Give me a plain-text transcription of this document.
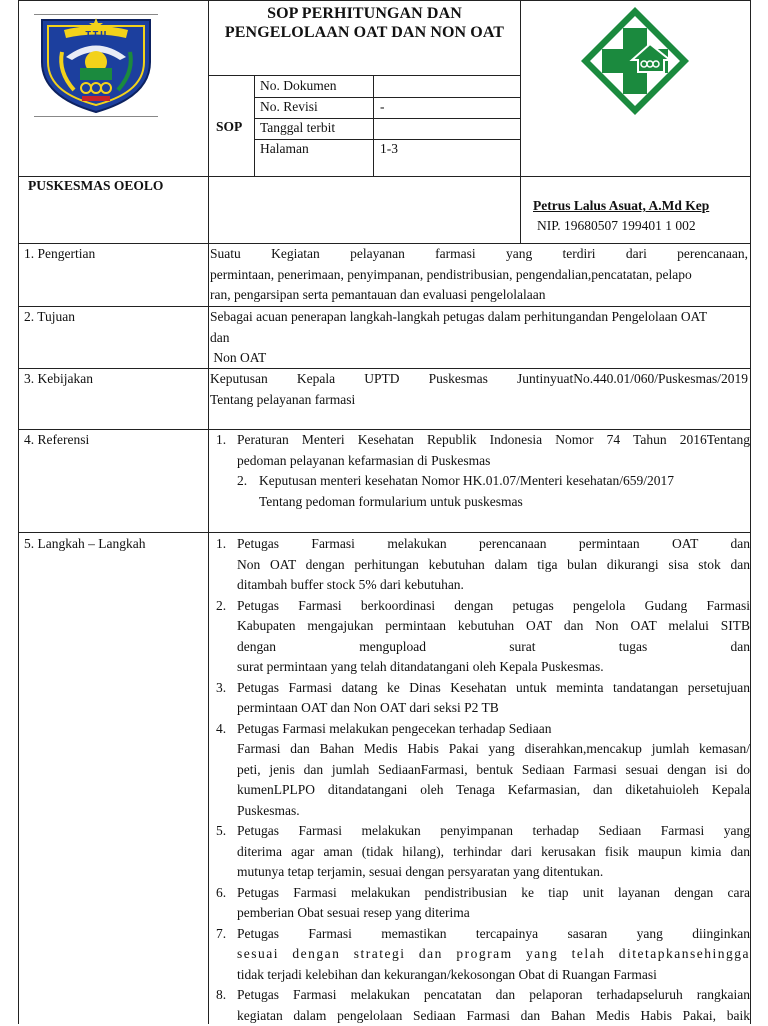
T.T.U
SOP PERHITUNGAN DAN
PENGELOLAAN OAT DAN NON OAT
SOP
No. Dokumen
No. Revisi	-
Tanggal terbit
Halaman	1-3
PUSKESMAS OEOLO
Petrus Lalus Asuat, A.Md Kep
NIP. 19680507 199401 1 002
1. Pengertian
2. Tujuan
3. Kebijakan
4. Referensi
5. Langkah – Langkah
Suatu Kegiatan pelayanan farmasi yang terdiri dari perencanaan,
permintaan, penerimaan, penyimpanan, pendistribusian, pengendalian,pencatatan, pelapo
ran, pengarsipan serta pemantauan dan evaluasi pengelolalaan
Sebagai acuan penerapan langkah-langkah petugas dalam perhitungandan Pengelolaan OAT
dan
Non OAT
Keputusan Kepala UPTD Puskesmas JuntinyuatNo.440.01/060/Puskesmas/2019
Tentang pelayanan farmasi
1. Peraturan Menteri Kesehatan Republik Indonesia Nomor 74 Tahun 2016Tentang
pedoman pelayanan kefarmasian di Puskesmas
2. Keputusan menteri kesehatan Nomor HK.01.07/Menteri kesehatan/659/2017
Tentang pedoman formularium untuk puskesmas
1. Petugas Farmasi melakukan perencanaan permintaan OAT dan
Non OAT dengan perhitungan kebutuhan dalam tiga bulan dikurangi sisa stok dan
ditambah buffer stock 5% dari kebutuhan.
2. Petugas Farmasi berkoordinasi dengan petugas pengelola Gudang Farmasi
Kabupaten mengajukan permintaan kebutuhan OAT dan Non OAT melalui SITB
dengan mengupload surat tugas dan
surat permintaan yang telah ditandatangani oleh Kepala Puskesmas.
3. Petugas Farmasi datang ke Dinas Kesehatan untuk meminta tandatangan persetujuan
permintaan OAT dan Non OAT dari seksi P2 TB
4. Petugas Farmasi melakukan pengecekan terhadap Sediaan
Farmasi dan Bahan Medis Habis Pakai yang diserahkan,mencakup jumlah kemasan/
peti, jenis dan jumlah SediaanFarmasi, bentuk Sediaan Farmasi sesuai dengan isi do
kumenLPLPO ditandatangani oleh Tenaga Kefarmasian, dan diketahuioleh Kepala
Puskesmas.
5. Petugas Farmasi melakukan penyimpanan terhadap Sediaan Farmasi yang
diterima agar aman (tidak hilang), terhindar dari kerusakan fisik maupun kimia dan
mutunya tetap terjamin, sesuai dengan persyaratan yang ditentukan.
6. Petugas Farmasi melakukan pendistribusian ke tiap unit layanan dengan cara
pemberian Obat sesuai resep yang diterima
7. Petugas Farmasi memastikan tercapainya sasaran yang diinginkan
sesuai dengan strategi dan program yang telah ditetapkansehingga
tidak terjadi kelebihan dan kekurangan/kekosongan Obat di Ruangan Farmasi
8. Petugas Farmasi melakukan pencatatan dan pelaporan terhadapseluruh rangkaian
kegiatan dalam pengelolaan Sediaan Farmasi dan Bahan Medis Habis Pakai, baik
